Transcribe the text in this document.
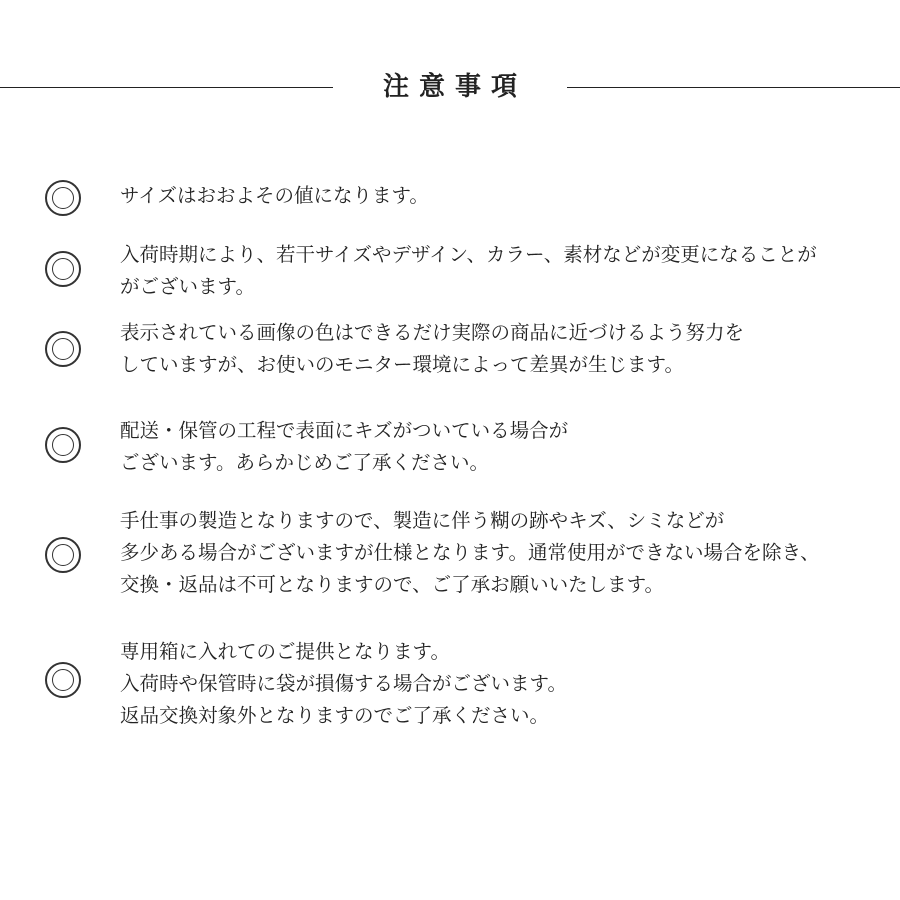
注意事項
サイズはおおよその値になります。
入荷時期により、若干サイズやデザイン、カラー、素材などが変更になることが
がございます。
表示されている画像の色はできるだけ実際の商品に近づけるよう努力を
していますが、お使いのモニター環境によって差異が生じます。
配送・保管の工程で表面にキズがついている場合が
ございます。あらかじめご了承ください。
手仕事の製造となりますので、製造に伴う糊の跡やキズ、シミなどが
多少ある場合がございますが仕様となります。通常使用ができない場合を除き、
交換・返品は不可となりますので、ご了承お願いいたします。
専用箱に入れてのご提供となります。
入荷時や保管時に袋が損傷する場合がございます。
返品交換対象外となりますのでご了承ください。
